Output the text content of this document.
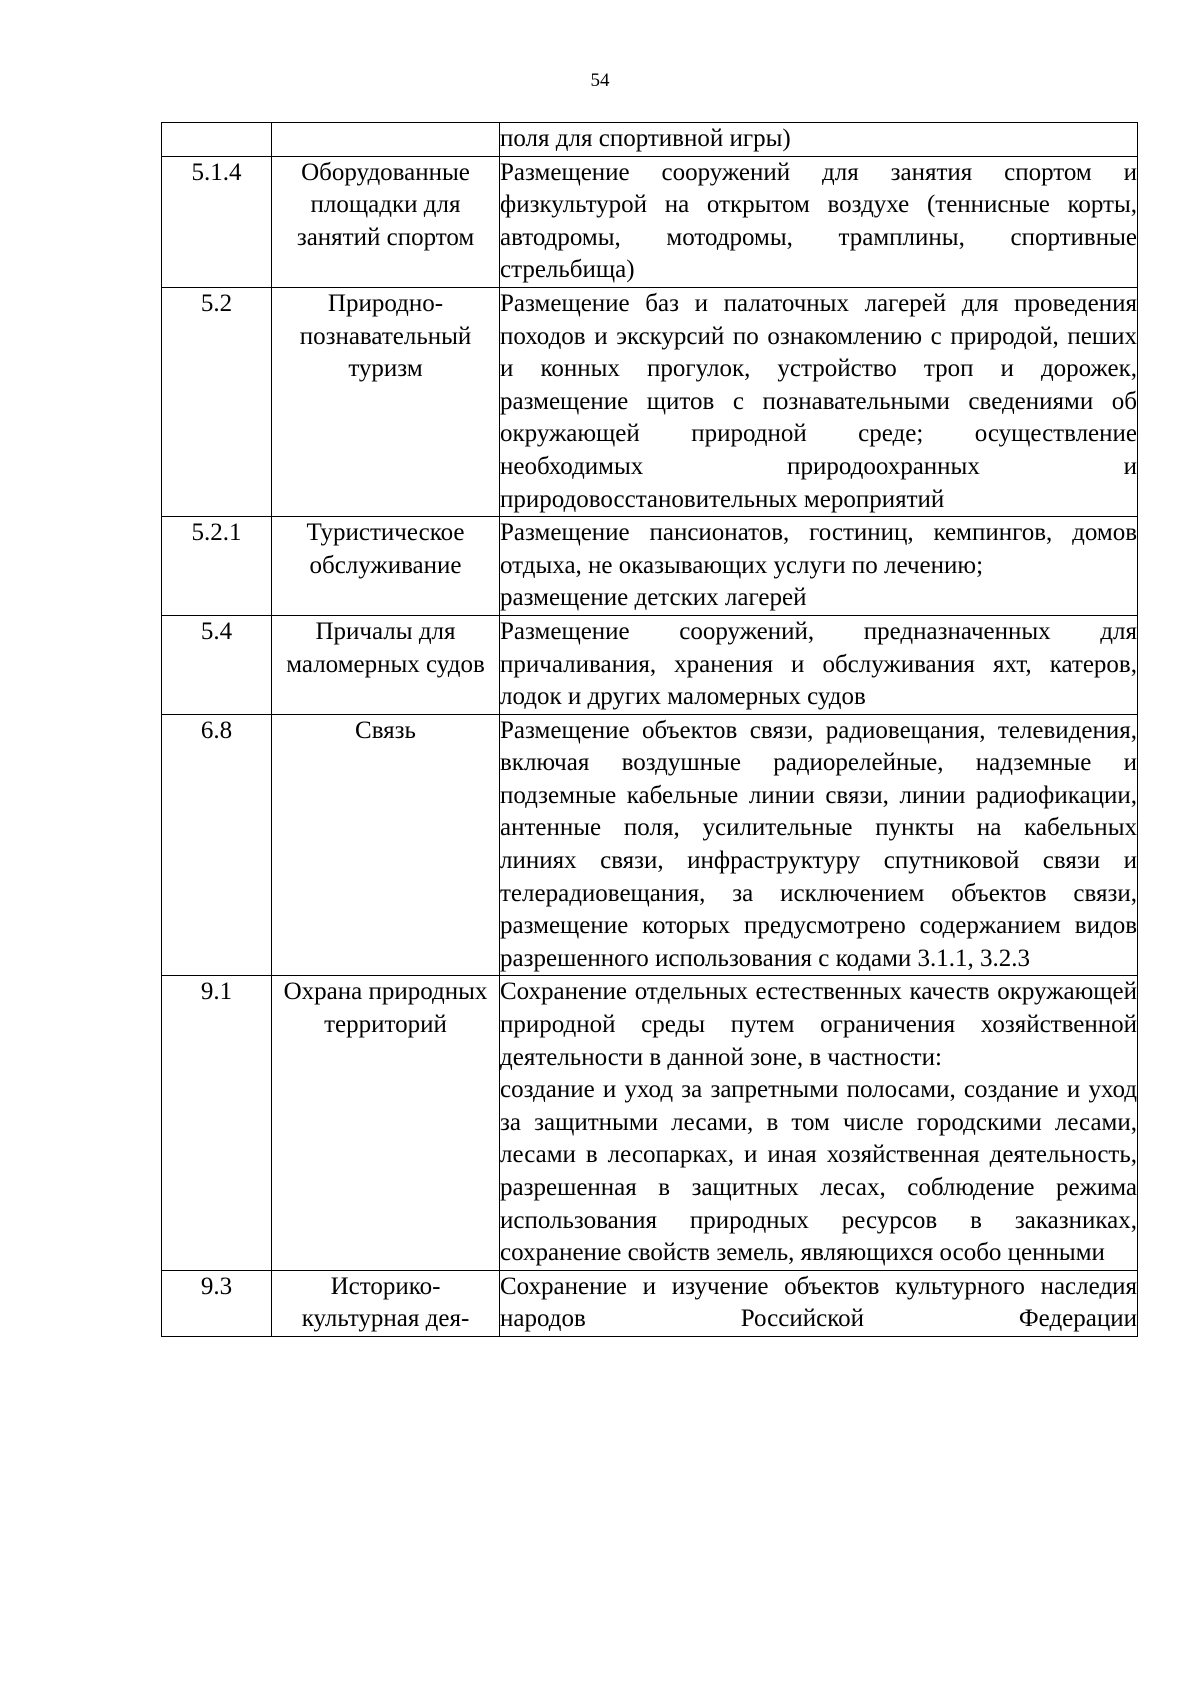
54

		поля для спортивной игры)

5.1.4	Оборудованные площадки для занятий спортом	Размещение сооружений для занятия спортом и физкультурой на открытом воздухе (теннисные корты, автодромы, мотодромы, трамплины, спортивные стрельбища)

5.2	Природно-познавательный туризм	Размещение баз и палаточных лагерей для проведения походов и экскурсий по ознакомлению с природой, пеших и конных прогулок, устройство троп и дорожек, размещение щитов с познавательными сведениями об окружающей природной среде; осуществление необходимых природоохранных и природовосстановительных мероприятий

5.2.1	Туристическое обслуживание	Размещение пансионатов, гостиниц, кемпингов, домов отдыха, не оказывающих услуги по лечению;
размещение детских лагерей

5.4	Причалы для маломерных судов	Размещение сооружений, предназначенных для причаливания, хранения и обслуживания яхт, катеров, лодок и других маломерных судов

6.8	Связь	Размещение объектов связи, радиовещания, телевидения, включая воздушные радиорелейные, надземные и подземные кабельные линии связи, линии радиофикации, антенные поля, усилительные пункты на кабельных линиях связи, инфраструктуру спутниковой связи и телерадиовещания, за исключением объектов связи, размещение которых предусмотрено содержанием видов разрешенного использования с кодами 3.1.1, 3.2.3

9.1	Охрана природных территорий	Сохранение отдельных естественных качеств окружающей природной среды путем ограничения хозяйственной деятельности в данной зоне, в частности:
создание и уход за запретными полосами, создание и уход за защитными лесами, в том числе городскими лесами, лесами в лесопарках, и иная хозяйственная деятельность, разрешенная в защитных лесах, соблюдение режима использования природных ресурсов в заказниках, сохранение свойств земель, являющихся особо ценными

9.3	Историко-культурная дея-	Сохранение и изучение объектов культурного наследия народов Российской Федерации
